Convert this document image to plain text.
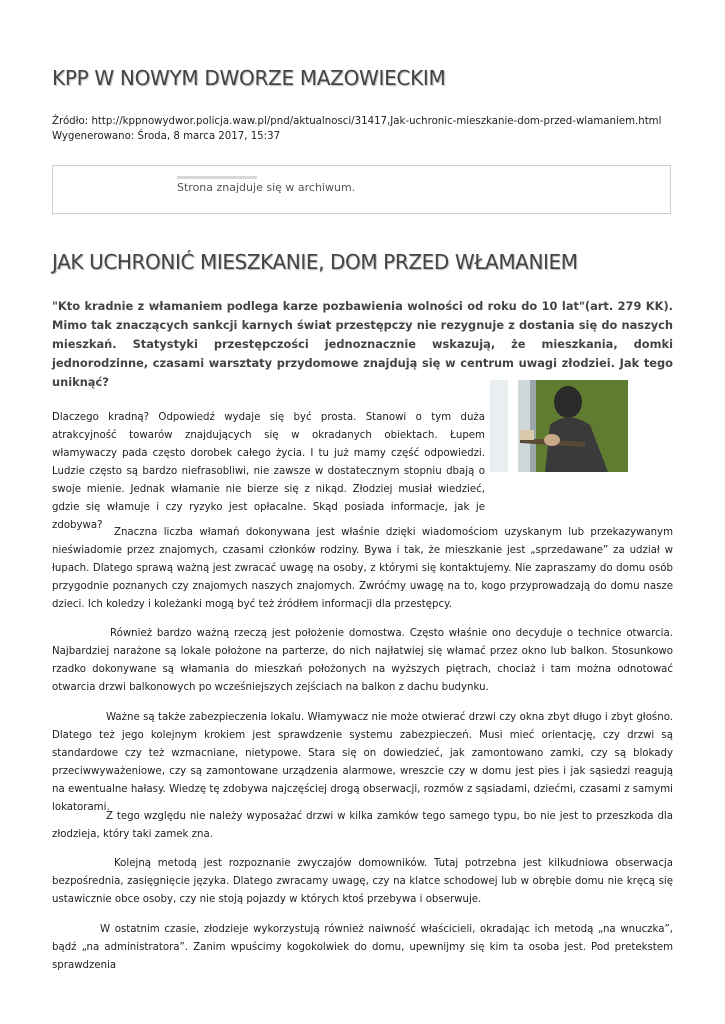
KPP W NOWYM DWORZE MAZOWIECKIM
Źródło: http://kppnowydwor.policja.waw.pl/pnd/aktualnosci/31417,Jak-uchronic-mieszkanie-dom-przed-wlamaniem.html
Wygenerowano: Środa, 8 marca 2017, 15:37
Strona znajduje się w archiwum.
JAK UCHRONIĆ MIESZKANIE, DOM PRZED WŁAMANIEM
"Kto kradnie z włamaniem podlega karze pozbawienia wolności od roku do 10 lat"(art. 279 KK). Mimo tak znaczących sankcji karnych świat przestępczy nie rezygnuje z dostania się do naszych mieszkań. Statystyki przestępczości jednoznacznie wskazują, że mieszkania, domki jednorodzinne, czasami warsztaty przydomowe znajdują się w centrum uwagi złodziei. Jak tego uniknąć?
Dlaczego kradną? Odpowiedź wydaje się być prosta. Stanowi o tym duża atrakcyjność towarów znajdujących się w okradanych obiektach. Łupem włamywaczy pada często dorobek całego życia. I tu już mamy część odpowiedzi. Ludzie często są bardzo niefrasobliwi, nie zawsze w dostatecznym stopniu dbają o swoje mienie. Jednak włamanie nie bierze się z nikąd. Złodziej musiał wiedzieć, gdzie się włamuje i czy ryzyko jest opłacalne. Skąd posiada informacje, jak je zdobywa?
Znaczna liczba włamań dokonywana jest właśnie dzięki wiadomościom uzyskanym lub przekazywanym nieświadomie przez znajomych, czasami członków rodziny. Bywa i tak, że mieszkanie jest „sprzedawane” za udział w łupach. Dlatego sprawą ważną jest zwracać uwagę na osoby, z którymi się kontaktujemy. Nie zapraszamy do domu osób przygodnie poznanych czy znajomych naszych znajomych. Zwróćmy uwagę na to, kogo przyprowadzają do domu nasze dzieci. Ich koledzy i koleżanki mogą być też źródłem informacji dla przestępcy.
Również bardzo ważną rzeczą jest położenie domostwa. Często właśnie ono decyduje o technice otwarcia. Najbardziej narażone są lokale położone na parterze, do nich najłatwiej się włamać przez okno lub balkon. Stosunkowo rzadko dokonywane są włamania do mieszkań położonych na wyższych piętrach, chociaż i tam można odnotować otwarcia drzwi balkonowych po wcześniejszych zejściach na balkon z dachu budynku.
Ważne są także zabezpieczenia lokalu. Włamywacz nie może otwierać drzwi czy okna zbyt długo i zbyt głośno. Dlatego też jego kolejnym krokiem jest sprawdzenie systemu zabezpieczeń. Musi mieć orientację, czy drzwi są standardowe czy też wzmacniane, nietypowe. Stara się on dowiedzieć, jak zamontowano zamki, czy są blokady przeciwwyważeniowe, czy są zamontowane urządzenia alarmowe, wreszcie czy w domu jest pies i jak sąsiedzi reagują na ewentualne hałasy. Wiedzę tę zdobywa najczęściej drogą obserwacji, rozmów z sąsiadami, dziećmi, czasami z samymi lokatorami.
Z tego względu nie należy wyposażać drzwi w kilka zamków tego samego typu, bo nie jest to przeszkoda dla złodzieja, który taki zamek zna.
Kolejną metodą jest rozpoznanie zwyczajów domowników. Tutaj potrzebna jest kilkudniowa obserwacja bezpośrednia, zasięgnięcie języka. Dlatego zwracamy uwagę, czy na klatce schodowej lub w obrębie domu nie kręcą się ustawicznie obce osoby, czy nie stoją pojazdy w których ktoś przebywa i obserwuje.
W ostatnim czasie, złodzieje wykorzystują również naiwność właścicieli, okradając ich metodą „na wnuczka”, bądź „na administratora”. Zanim wpuścimy kogokolwiek do domu, upewnijmy się kim ta osoba jest. Pod pretekstem sprawdzenia
